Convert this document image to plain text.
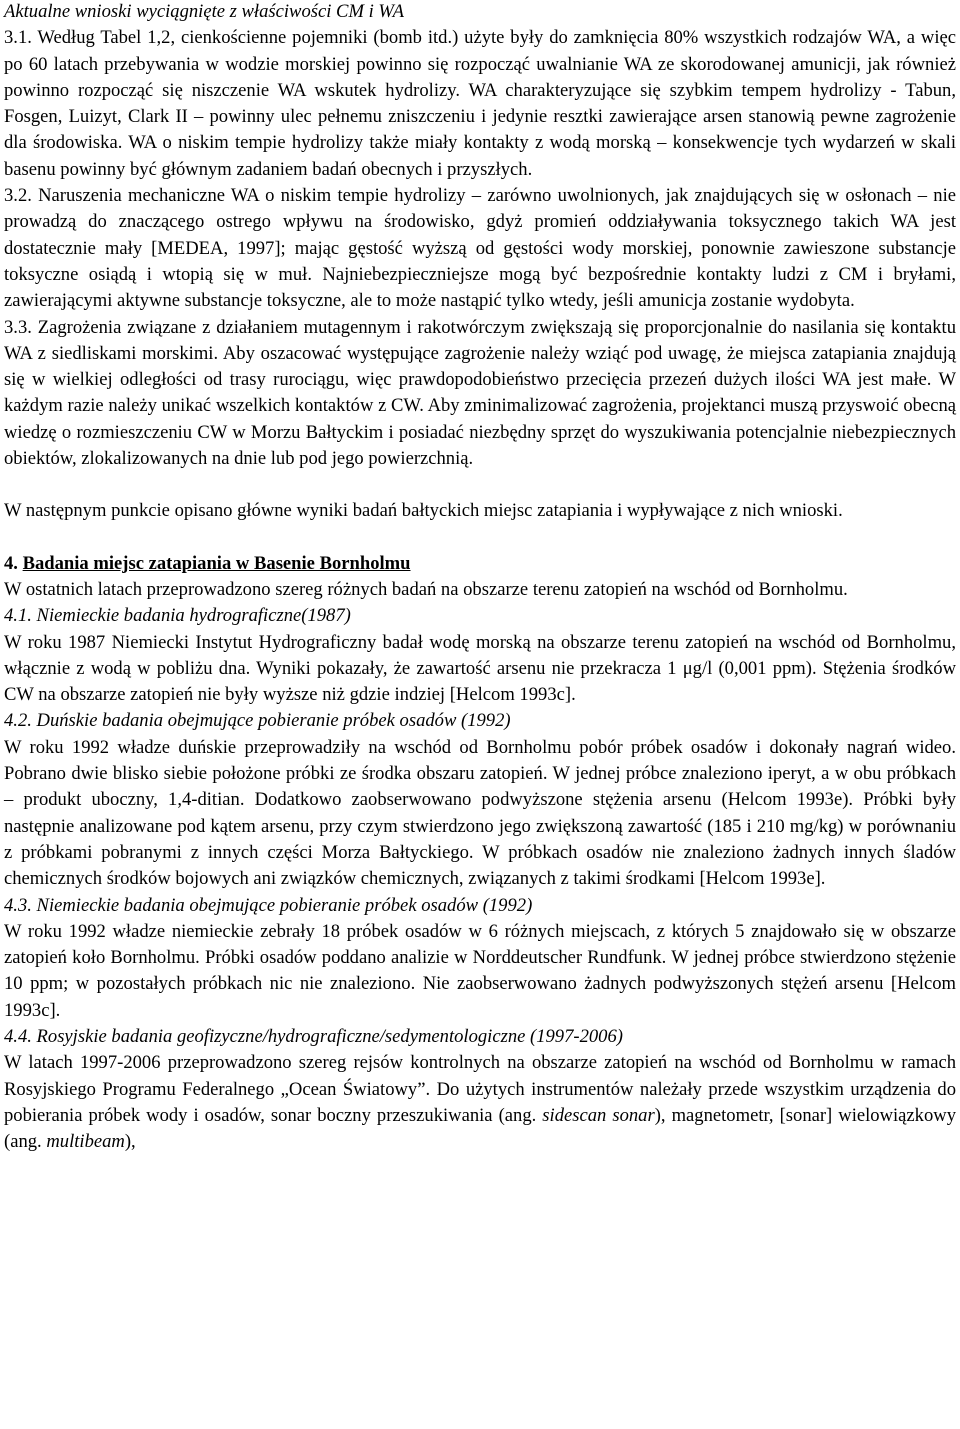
Aktualne wnioski wyciągnięte z właściwości CM i WA

3.1. Według Tabel 1,2, cienkościenne pojemniki (bomb itd.) użyte były do zamknięcia 80% wszystkich rodzajów WA, a więc po 60 latach przebywania w wodzie morskiej powinno się rozpocząć uwalnianie WA ze skorodowanej amunicji, jak również powinno rozpocząć się niszczenie WA wskutek hydrolizy. WA charakteryzujące się szybkim tempem hydrolizy - Tabun, Fosgen, Luizyt, Clark II – powinny ulec pełnemu zniszczeniu i jedynie resztki zawierające arsen stanowią pewne zagrożenie dla środowiska. WA o niskim tempie hydrolizy także miały kontakty z wodą morską – konsekwencje tych wydarzeń w skali basenu powinny być głównym zadaniem badań obecnych i przyszłych.

3.2. Naruszenia mechaniczne WA o niskim tempie hydrolizy – zarówno uwolnionych, jak znajdujących się w osłonach – nie prowadzą do znaczącego ostrego wpływu na środowisko, gdyż promień oddziaływania toksycznego takich WA jest dostatecznie mały [MEDEA, 1997]; mając gęstość wyższą od gęstości wody morskiej, ponownie zawieszone substancje toksyczne osiądą i wtopią się w muł. Najniebezpieczniejsze mogą być bezpośrednie kontakty ludzi z CM i bryłami, zawierającymi aktywne substancje toksyczne, ale to może nastąpić tylko wtedy, jeśli amunicja zostanie wydobyta.

3.3. Zagrożenia związane z działaniem mutagennym i rakotwórczym zwiększają się proporcjonalnie do nasilania się kontaktu WA z siedliskami morskimi. Aby oszacować występujące zagrożenie należy wziąć pod uwagę, że miejsca zatapiania znajdują się w wielkiej odległości od trasy rurociągu, więc prawdopodobieństwo przecięcia przezeń dużych ilości WA jest małe. W każdym razie należy unikać wszelkich kontaktów z CW. Aby zminimalizować zagrożenia, projektanci muszą przyswoić obecną wiedzę o rozmieszczeniu CW w Morzu Bałtyckim i posiadać niezbędny sprzęt do wyszukiwania potencjalnie niebezpiecznych obiektów, zlokalizowanych na dnie lub pod jego powierzchnią.

W następnym punkcie opisano główne wyniki badań bałtyckich miejsc zatapiania i wypływające z nich wnioski.

4. Badania miejsc zatapiania w Basenie Bornholmu

W ostatnich latach przeprowadzono szereg różnych badań na obszarze terenu zatopień na wschód od Bornholmu.

4.1. Niemieckie badania hydrograficzne(1987)

W roku 1987 Niemiecki Instytut Hydrograficzny badał wodę morską na obszarze terenu zatopień na wschód od Bornholmu, włącznie z wodą w pobliżu dna. Wyniki pokazały, że zawartość arsenu nie przekracza 1 μg/l (0,001 ppm). Stężenia środków CW na obszarze zatopień nie były wyższe niż gdzie indziej [Helcom 1993c].

4.2. Duńskie badania obejmujące pobieranie próbek osadów (1992)

W roku 1992 władze duńskie przeprowadziły na wschód od Bornholmu pobór próbek osadów i dokonały nagrań wideo. Pobrano dwie blisko siebie położone próbki ze środka obszaru zatopień. W jednej próbce znaleziono iperyt, a w obu próbkach – produkt uboczny, 1,4-ditian. Dodatkowo zaobserwowano podwyższone stężenia arsenu (Helcom 1993e). Próbki były następnie analizowane pod kątem arsenu, przy czym stwierdzono jego zwiększoną zawartość (185 i 210 mg/kg) w porównaniu z próbkami pobranymi z innych części Morza Bałtyckiego. W próbkach osadów nie znaleziono żadnych innych śladów chemicznych środków bojowych ani związków chemicznych, związanych z takimi środkami [Helcom 1993e].

4.3. Niemieckie badania obejmujące pobieranie próbek osadów (1992)

W roku 1992 władze niemieckie zebrały 18 próbek osadów w 6 różnych miejscach, z których 5 znajdowało się w obszarze zatopień koło Bornholmu. Próbki osadów poddano analizie w Norddeutscher Rundfunk. W jednej próbce stwierdzono stężenie 10 ppm; w pozostałych próbkach nic nie znaleziono. Nie zaobserwowano żadnych podwyższonych stężeń arsenu [Helcom 1993c].

4.4. Rosyjskie badania geofizyczne/hydrograficzne/sedymentologiczne (1997-2006)

W latach 1997-2006 przeprowadzono szereg rejsów kontrolnych na obszarze zatopień na wschód od Bornholmu w ramach Rosyjskiego Programu Federalnego „Ocean Światowy”. Do użytych instrumentów należały przede wszystkim urządzenia do pobierania próbek wody i osadów, sonar boczny przeszukiwania (ang. sidescan sonar), magnetometr, [sonar] wielowiązkowy (ang. multibeam),
